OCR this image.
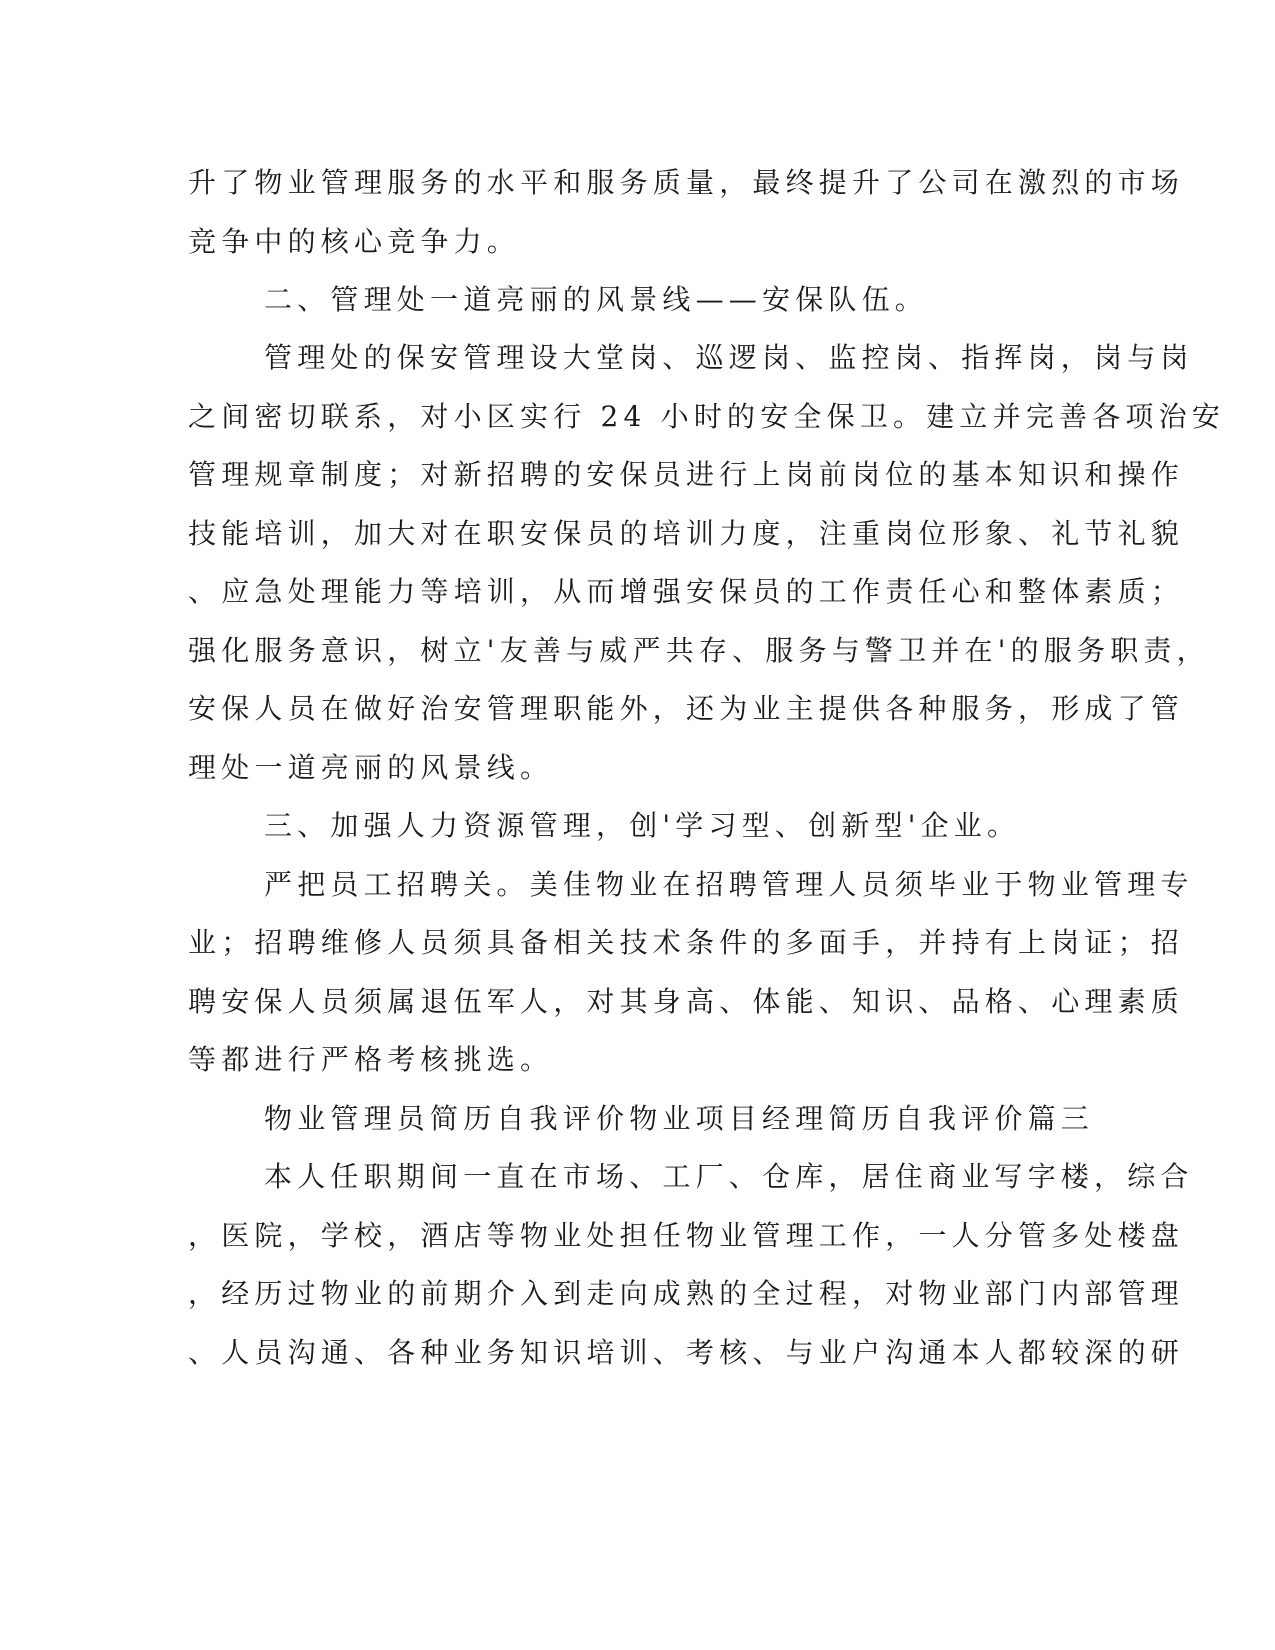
升了物业管理服务的水平和服务质量，最终提升了公司在激烈的市场
竞争中的核心竞争力。
二、管理处一道亮丽的风景线——安保队伍。
管理处的保安管理设大堂岗、巡逻岗、监控岗、指挥岗，岗与岗
之间密切联系，对小区实行 24 小时的安全保卫。建立并完善各项治安
管理规章制度；对新招聘的安保员进行上岗前岗位的基本知识和操作
技能培训，加大对在职安保员的培训力度，注重岗位形象、礼节礼貌
、应急处理能力等培训，从而增强安保员的工作责任心和整体素质；
强化服务意识，树立'友善与威严共存、服务与警卫并在'的服务职责，
安保人员在做好治安管理职能外，还为业主提供各种服务，形成了管
理处一道亮丽的风景线。
三、加强人力资源管理，创'学习型、创新型'企业。
严把员工招聘关。美佳物业在招聘管理人员须毕业于物业管理专
业；招聘维修人员须具备相关技术条件的多面手，并持有上岗证；招
聘安保人员须属退伍军人，对其身高、体能、知识、品格、心理素质
等都进行严格考核挑选。
物业管理员简历自我评价物业项目经理简历自我评价篇三
本人任职期间一直在市场、工厂、仓库，居住商业写字楼，综合
，医院，学校，酒店等物业处担任物业管理工作，一人分管多处楼盘
，经历过物业的前期介入到走向成熟的全过程，对物业部门内部管理
、人员沟通、各种业务知识培训、考核、与业户沟通本人都较深的研
